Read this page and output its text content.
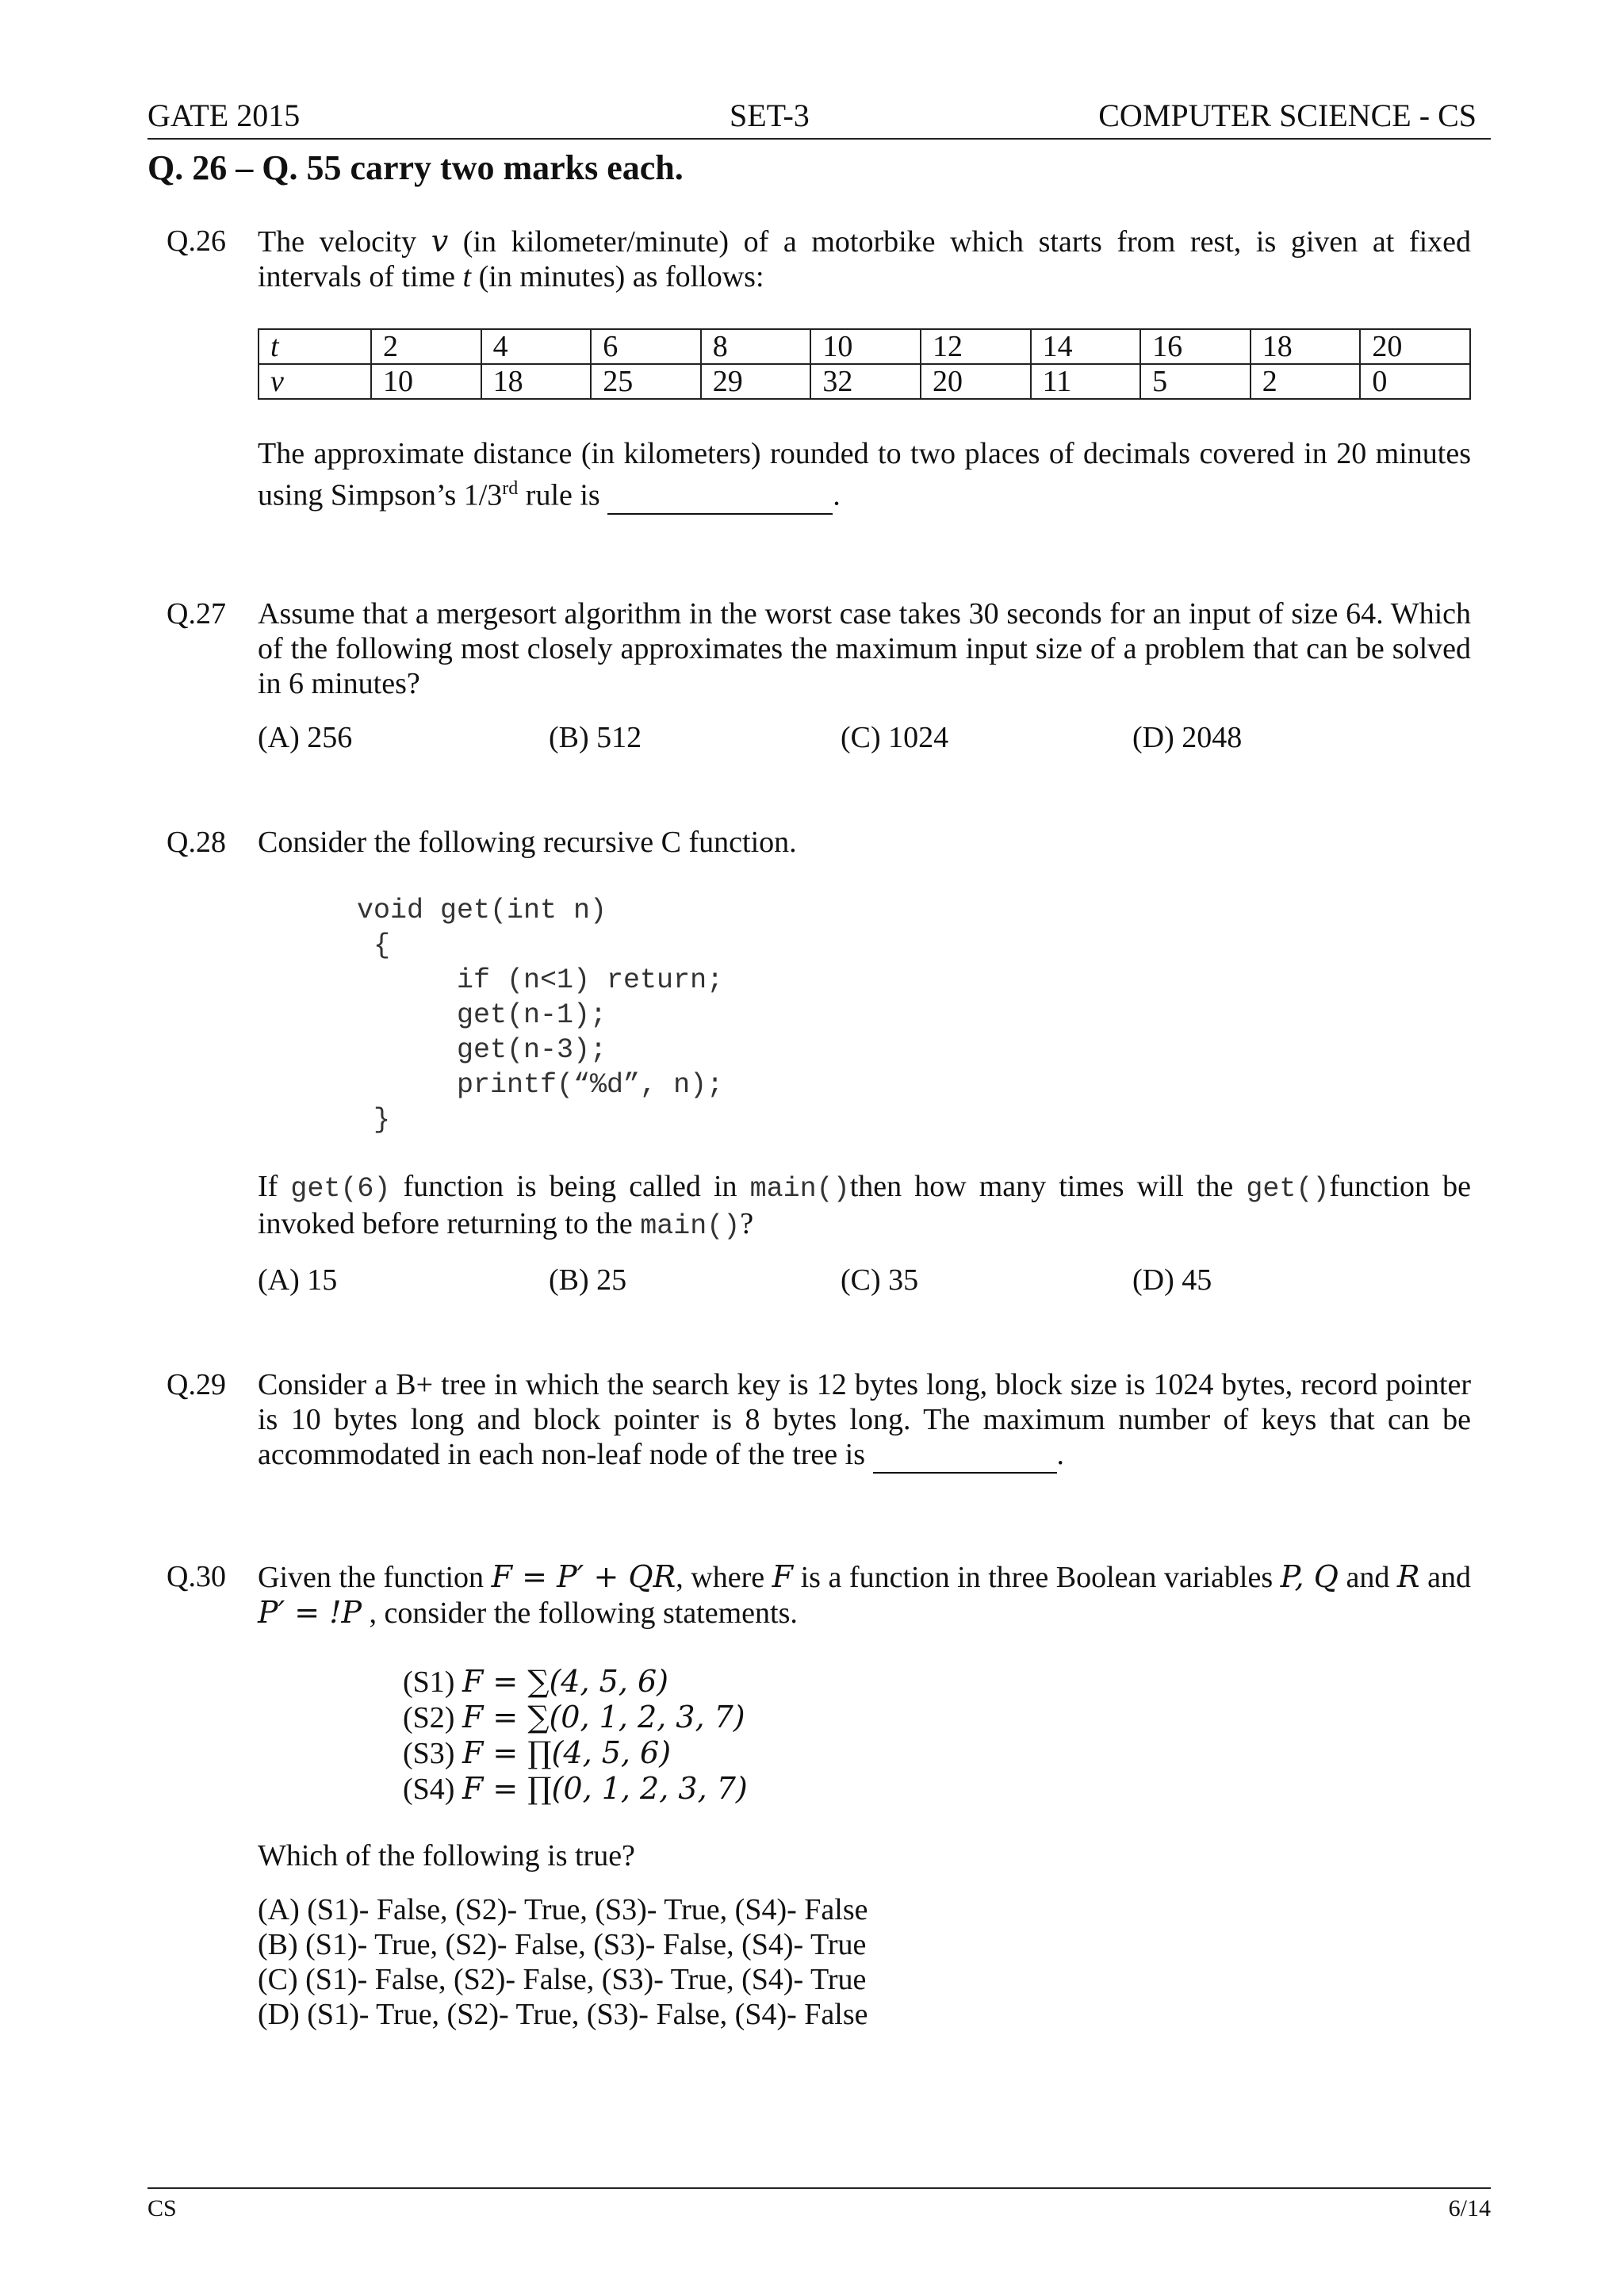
GATE 2015	SET-3	COMPUTER SCIENCE - CS
Q. 26 – Q. 55 carry two marks each.
Q.26 The velocity v (in kilometer/minute) of a motorbike which starts from rest, is given at fixed intervals of time t (in minutes) as follows:
t	2	4	6	8	10	12	14	16	18	20
v	10	18	25	29	32	20	11	5	2	0
The approximate distance (in kilometers) rounded to two places of decimals covered in 20 minutes using Simpson’s 1/3rd rule is	.
Q.27 Assume that a mergesort algorithm in the worst case takes 30 seconds for an input of size 64. Which of the following most closely approximates the maximum input size of a problem that can be solved in 6 minutes?
(A) 256	(B) 512	(C) 1024	(D) 2048
Q.28 Consider the following recursive C function.
void get(int n)
{
if (n<1) return;
get(n-1);
get(n-3);
printf(“%d”, n);
}
If get(6) function is being called in main()then how many times will the get()function be invoked before returning to the main()?
(A) 15	(B) 25	(C) 35	(D) 45
Q.29 Consider a B+ tree in which the search key is 12 bytes long, block size is 1024 bytes, record pointer is 10 bytes long and block pointer is 8 bytes long. The maximum number of keys that can be accommodated in each non-leaf node of the tree is	.
Q.30 Given the function F = P′ + QR, where F is a function in three Boolean variables P, Q and R and P′ = !P , consider the following statements.
(S1) F = ∑(4, 5, 6)
(S2) F = ∑(0, 1, 2, 3, 7)
(S3) F = ∏(4, 5, 6)
(S4) F = ∏(0, 1, 2, 3, 7)
Which of the following is true?
(A) (S1)- False, (S2)- True, (S3)- True, (S4)- False
(B) (S1)- True, (S2)- False, (S3)- False, (S4)- True
(C) (S1)- False, (S2)- False, (S3)- True, (S4)- True
(D) (S1)- True, (S2)- True, (S3)- False, (S4)- False
CS	6/14
